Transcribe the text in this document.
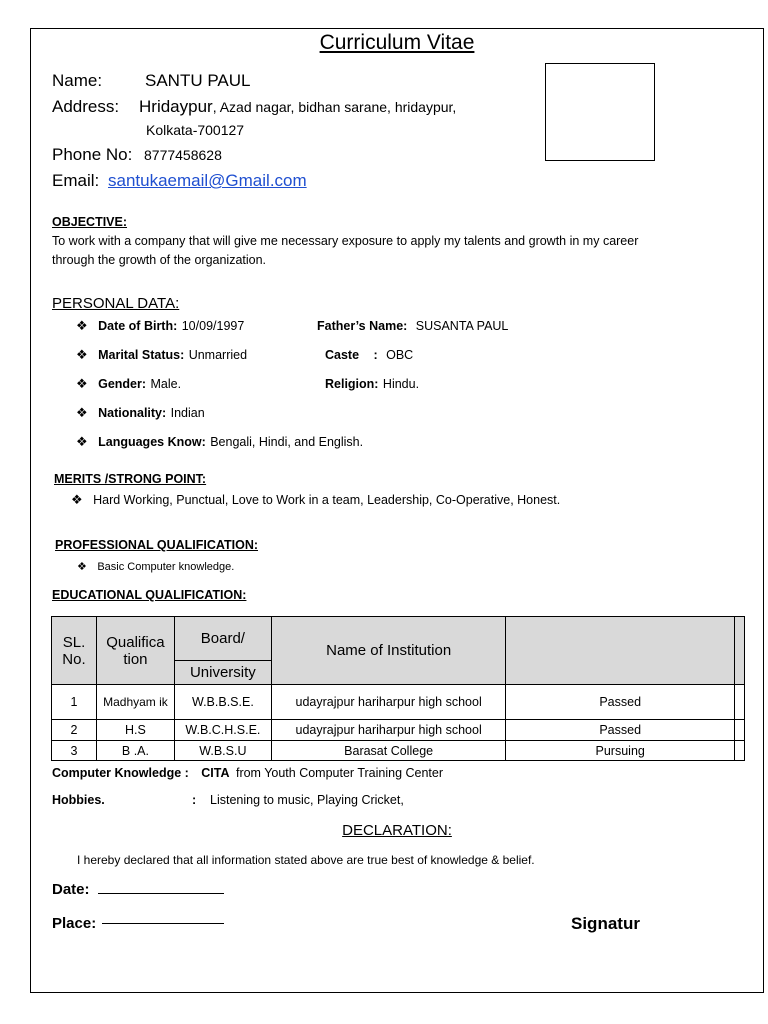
Curriculum Vitae
Name:	SANTU PAUL
Address: Hridaypur, Azad nagar, bidhan sarane, hridaypur,
Kolkata-700127
Phone No: 8777458628
Email: santukaemail@Gmail.com
OBJECTIVE:
To work with a company that will give me necessary exposure to apply my talents and growth in my career
through the growth of the organization.
PERSONAL DATA:
❖ Date of Birth: 10/09/1997	Father’s Name: SUSANTA PAUL
❖ Marital Status: Unmarried	Caste : OBC
❖ Gender: Male.	Religion: Hindu.
❖ Nationality: Indian
❖ Languages Know: Bengali, Hindi, and English.
MERITS /STRONG POINT:
❖ Hard Working, Punctual, Love to Work in a team, Leadership, Co-Operative, Honest.
PROFESSIONAL QUALIFICATION:
❖ Basic Computer knowledge.
EDUCATIONAL QUALIFICATION:
SL. No.	Qualifica tion	Board/	Name of Institution		
		University			
1	Madhyam ik	W.B.B.S.E.	udayrajpur hariharpur high school	Passed	
2	H.S	W.B.C.H.S.E.	udayrajpur hariharpur high school	Passed	
3	B .A.	W.B.S.U	Barasat College	Pursuing	
Computer Knowledge : CITA from Youth Computer Training Center
Hobbies.	: Listening to music, Playing Cricket,
DECLARATION:
I hereby declared that all information stated above are true best of knowledge & belief.
Date:
Place:	Signatur
